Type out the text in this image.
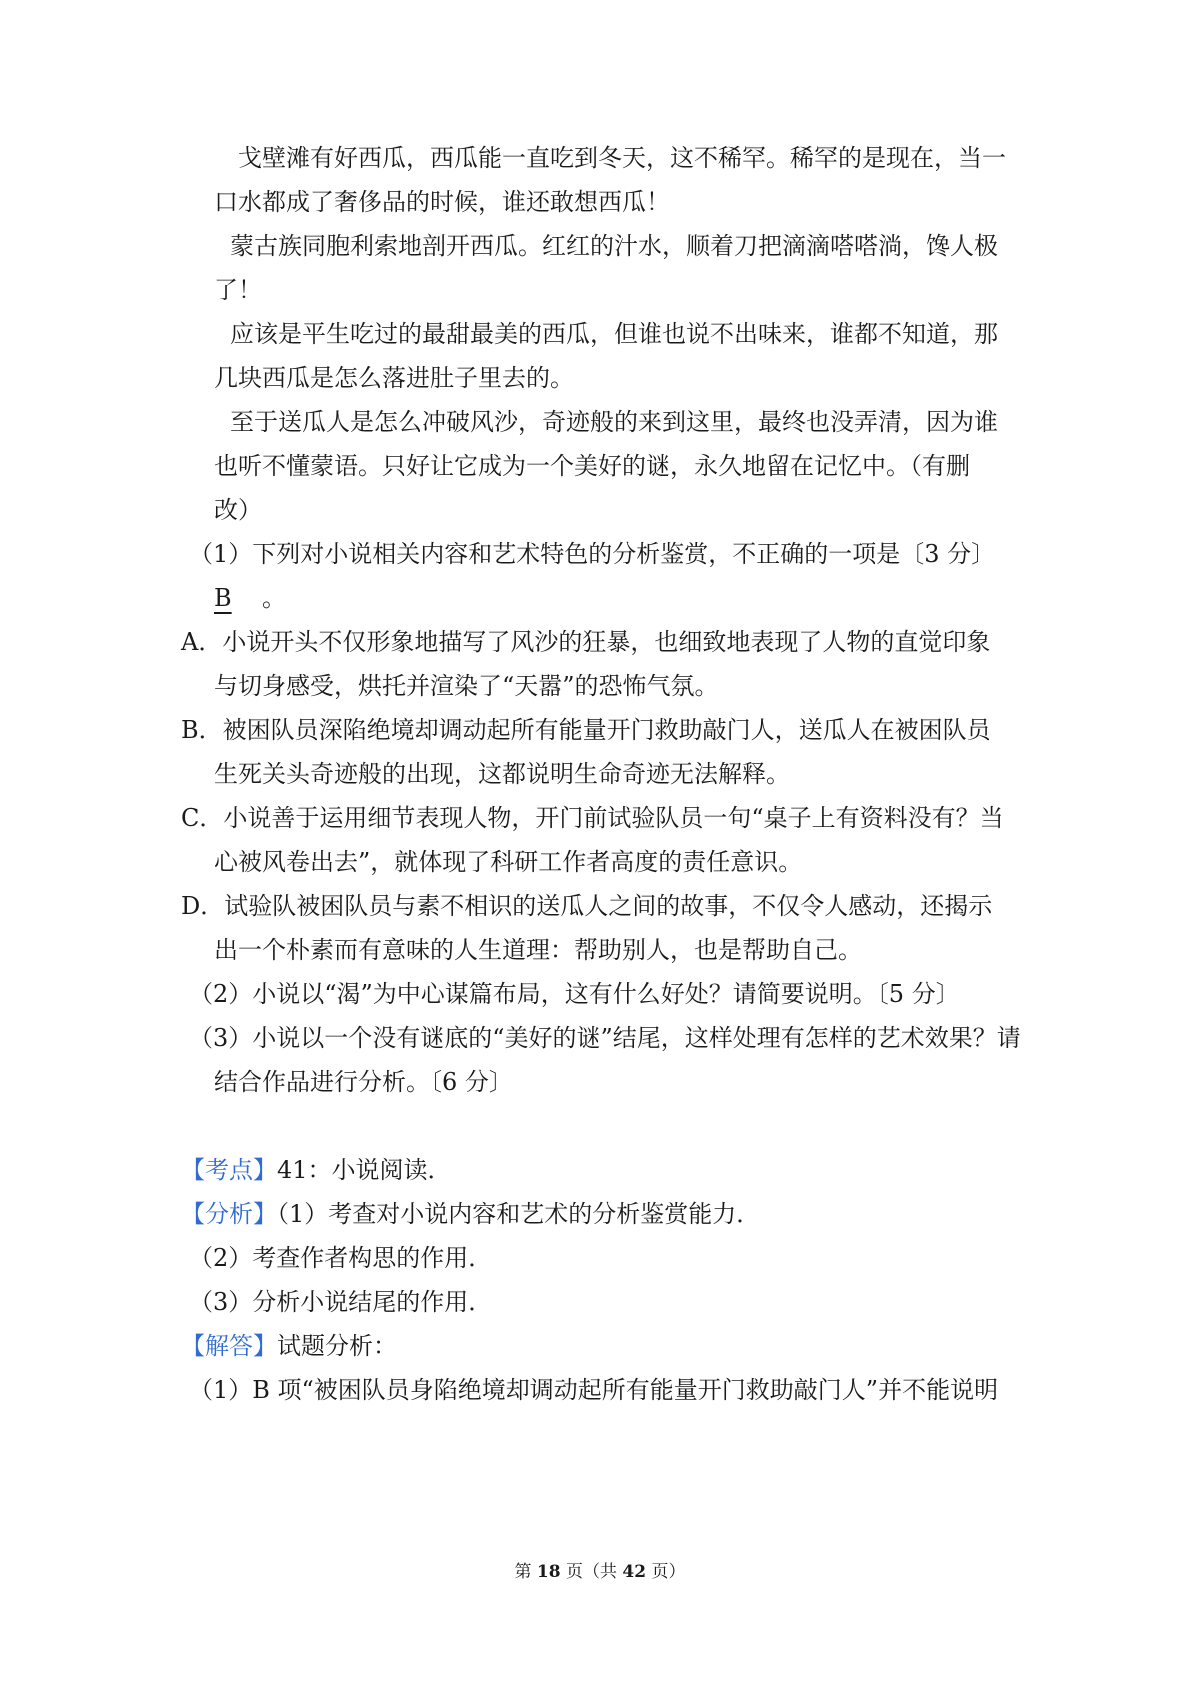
戈壁滩有好西瓜，西瓜能一直吃到冬天，这不稀罕。稀罕的是现在，当一
口水都成了奢侈品的时候，谁还敢想西瓜！
蒙古族同胞利索地剖开西瓜。红红的汁水，顺着刀把滴滴嗒嗒淌，馋人极
了！
应该是平生吃过的最甜最美的西瓜，但谁也说不出味来，谁都不知道，那
几块西瓜是怎么落进肚子里去的。
至于送瓜人是怎么冲破风沙，奇迹般的来到这里，最终也没弄清，因为谁
也听不懂蒙语。只好让它成为一个美好的谜，永久地留在记忆中。（有删
改）
（1）下列对小说相关内容和艺术特色的分析鉴赏，不正确的一项是〔3 分〕
B 。
A．小说开头不仅形象地描写了风沙的狂暴，也细致地表现了人物的直觉印象
与切身感受，烘托并渲染了“天嚣”的恐怖气氛。
B．被困队员深陷绝境却调动起所有能量开门救助敲门人，送瓜人在被困队员
生死关头奇迹般的出现，这都说明生命奇迹无法解释。
C．小说善于运用细节表现人物，开门前试验队员一句“桌子上有资料没有？当
心被风卷出去”，就体现了科研工作者高度的责任意识。
D．试验队被困队员与素不相识的送瓜人之间的故事，不仅令人感动，还揭示
出一个朴素而有意味的人生道理：帮助别人，也是帮助自己。
（2）小说以“渴”为中心谋篇布局，这有什么好处？请简要说明。〔5 分〕
（3）小说以一个没有谜底的“美好的谜”结尾，这样处理有怎样的艺术效果？请
结合作品进行分析。〔6 分〕
【考点】41：小说阅读．
【分析】（1）考查对小说内容和艺术的分析鉴赏能力．
（2）考查作者构思的作用．
（3）分析小说结尾的作用．
【解答】试题分析：
（1）B 项“被困队员身陷绝境却调动起所有能量开门救助敲门人”并不能说明
第 18 页（共 42 页）
